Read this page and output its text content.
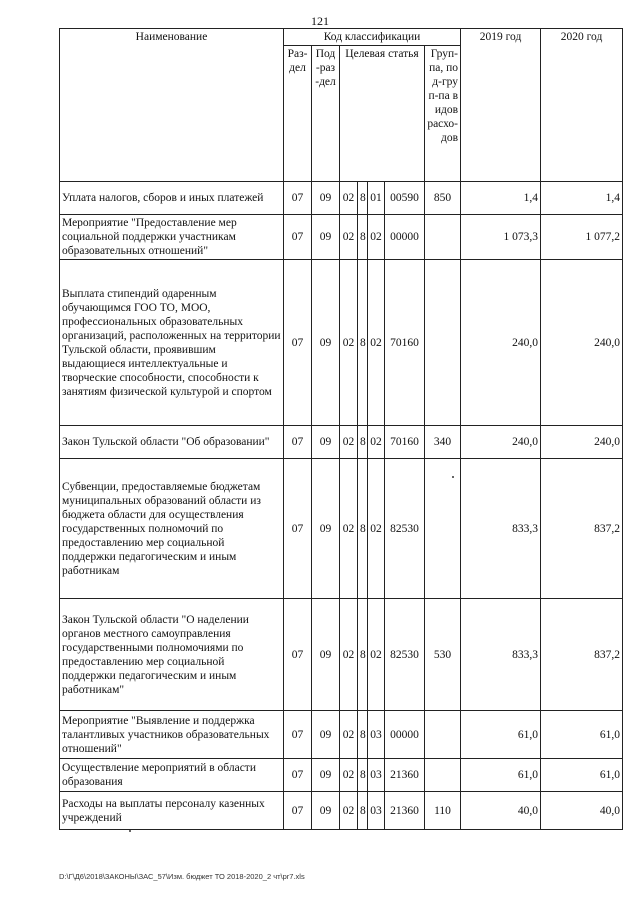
121
Наименование	Код классификации							2019 год	2020 год
	Раз-дел	Под-раз-дел	Целевая статья				Груп-па, под-груп-па видов расхо-дов		
Уплата налогов, сборов и иных платежей	07	09	02	8	01	00590	850	1,4	1,4
Мероприятие "Предоставление мер социальной поддержки участникам образовательных отношений"	07	09	02	8	02	00000		1 073,3	1 077,2
Выплата стипендий одаренным обучающимся ГОО ТО, МОО, профессиональных образовательных организаций, расположенных на территории Тульской области, проявившим выдающиеся интеллектуальные и творческие способности, способности к занятиям физической культурой и спортом	07	09	02	8	02	70160		240,0	240,0
Закон Тульской области "Об образовании"	07	09	02	8	02	70160	340	240,0	240,0
Субвенции, предоставляемые бюджетам муниципальных образований области из бюджета области для осуществления государственных полномочий по предоставлению мер социальной поддержки педагогическим и иным работникам	07	09	02	8	02	82530		833,3	837,2
Закон Тульской области "О наделении органов местного самоуправления государственными полномочиями по предоставлению мер социальной поддержки педагогическим и иным работникам"	07	09	02	8	02	82530	530	833,3	837,2
Мероприятие "Выявление и поддержка талантливых участников образовательных отношений"	07	09	02	8	03	00000		61,0	61,0
Осуществление мероприятий в области образования	07	09	02	8	03	21360		61,0	61,0
Расходы на выплаты персоналу казенных учреждений	07	09	02	8	03	21360	110	40,0	40,0
D:\Г\Д6\2018\ЗАКОНЫ\ЗАС_57\Изм. бюджет ТО 2018-2020_2 чт\pr7.xls
